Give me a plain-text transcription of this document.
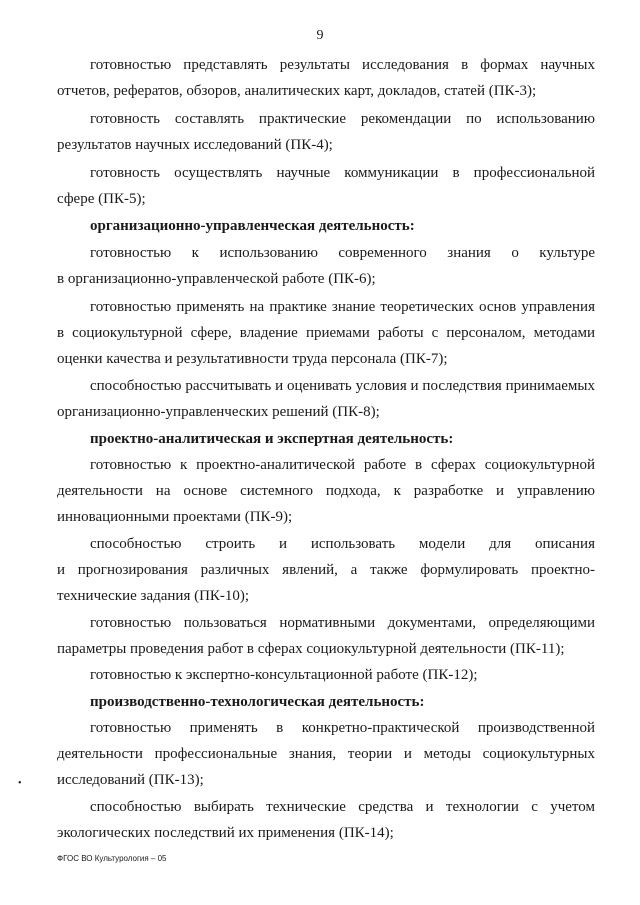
9
готовностью представлять результаты исследования в формах научных
отчетов, рефератов, обзоров, аналитических карт, докладов, статей (ПК-3);
готовность составлять практические рекомендации по использованию
результатов научных исследований (ПК-4);
готовность осуществлять научные коммуникации в профессиональной
сфере (ПК-5);
организационно-управленческая деятельность:
готовностью к использованию современного знания о культуре
в организационно-управленческой работе (ПК-6);
готовностью применять на практике знание теоретических основ управления
в социокультурной сфере, владение приемами работы с персоналом, методами
оценки качества и результативности труда персонала (ПК-7);
способностью рассчитывать и оценивать условия и последствия принимаемых
организационно-управленческих решений (ПК-8);
проектно-аналитическая и экспертная деятельность:
готовностью к проектно-аналитической работе в сферах социокультурной
деятельности на основе системного подхода, к разработке и управлению
инновационными проектами (ПК-9);
способностью строить и использовать модели для описания
и прогнозирования различных явлений, а также формулировать проектно-
технические задания (ПК-10);
готовностью пользоваться нормативными документами, определяющими
параметры проведения работ в сферах социокультурной деятельности (ПК-11);
готовностью к экспертно-консультационной работе (ПК-12);
производственно-технологическая деятельность:
готовностью применять в конкретно-практической производственной
деятельности профессиональные знания, теории и методы социокультурных
исследований (ПК-13);
способностью выбирать технические средства и технологии с учетом
экологических последствий их применения (ПК-14);
•
ФГОС ВО Культурология – 05
